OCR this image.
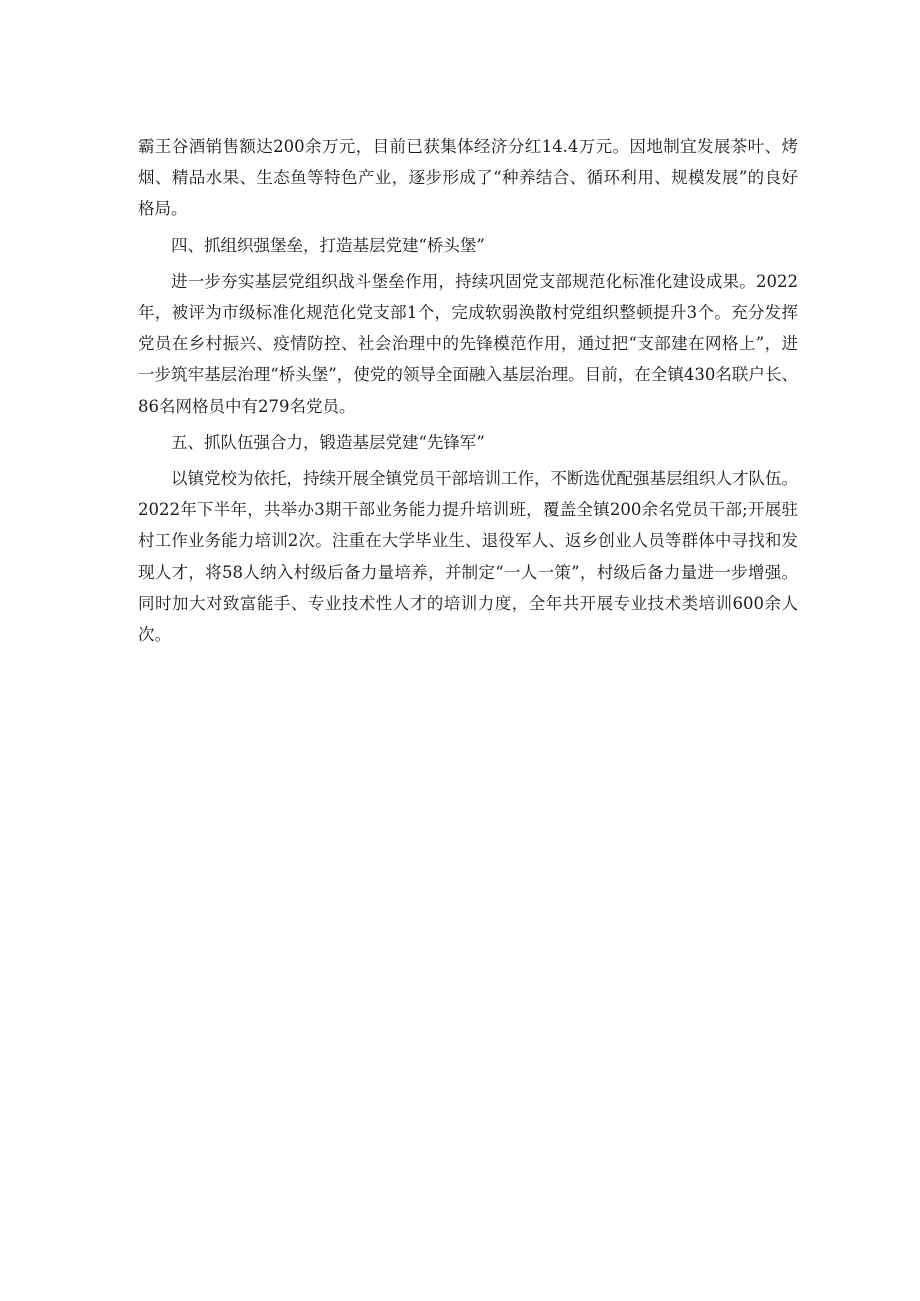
霸王谷酒销售额达200余万元，目前已获集体经济分红14.4万元。因地制宜发展茶叶、烤烟、精品水果、生态鱼等特色产业，逐步形成了“种养结合、循环利用、规模发展”的良好格局。

四、抓组织强堡垒，打造基层党建“桥头堡”

进一步夯实基层党组织战斗堡垒作用，持续巩固党支部规范化标准化建设成果。2022年，被评为市级标准化规范化党支部1个，完成软弱涣散村党组织整顿提升3个。充分发挥党员在乡村振兴、疫情防控、社会治理中的先锋模范作用，通过把“支部建在网格上”，进一步筑牢基层治理“桥头堡”，使党的领导全面融入基层治理。目前，在全镇430名联户长、86名网格员中有279名党员。

五、抓队伍强合力，锻造基层党建“先锋军”

以镇党校为依托，持续开展全镇党员干部培训工作，不断选优配强基层组织人才队伍。2022年下半年，共举办3期干部业务能力提升培训班，覆盖全镇200余名党员干部;开展驻村工作业务能力培训2次。注重在大学毕业生、退役军人、返乡创业人员等群体中寻找和发现人才，将58人纳入村级后备力量培养，并制定“一人一策”，村级后备力量进一步增强。同时加大对致富能手、专业技术性人才的培训力度，全年共开展专业技术类培训600余人次。
